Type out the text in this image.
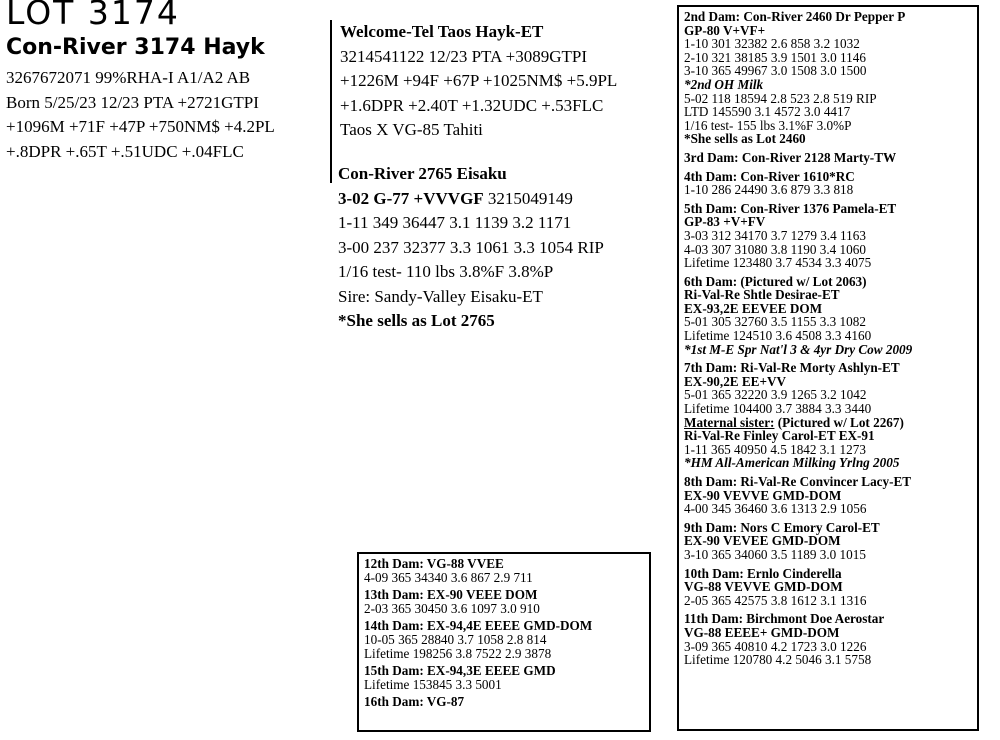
LOT 3174
Con-River 3174 Hayk
3267672071 99%RHA-I A1/A2 AB
Born 5/25/23 12/23 PTA +2721GTPI
+1096M +71F +47P +750NM$ +4.2PL
+.8DPR +.65T +.51UDC +.04FLC
Welcome-Tel Taos Hayk-ET
3214541122 12/23 PTA +3089GTPI
+1226M +94F +67P +1025NM$ +5.9PL
+1.6DPR +2.40T +1.32UDC +.53FLC
Taos X VG-85 Tahiti
Con-River 2765 Eisaku
3-02 G-77 +VVVGF 3215049149
1-11 349 36447 3.1 1139 3.2 1171
3-00 237 32377 3.3 1061 3.3 1054 RIP
1/16 test- 110 lbs 3.8%F 3.8%P
Sire: Sandy-Valley Eisaku-ET
*She sells as Lot 2765
2nd Dam: Con-River 2460 Dr Pepper P
GP-80 V+VF+
1-10 301 32382 2.6 858 3.2 1032
2-10 321 38185 3.9 1501 3.0 1146
3-10 365 49967 3.0 1508 3.0 1500
*2nd OH Milk
5-02 118 18594 2.8 523 2.8 519 RIP
LTD 145590 3.1 4572 3.0 4417
1/16 test- 155 lbs 3.1%F 3.0%P
*She sells as Lot 2460
3rd Dam: Con-River 2128 Marty-TW
4th Dam: Con-River 1610*RC
1-10 286 24490 3.6 879 3.3 818
5th Dam: Con-River 1376 Pamela-ET
GP-83 +V+FV
3-03 312 34170 3.7 1279 3.4 1163
4-03 307 31080 3.8 1190 3.4 1060
Lifetime 123480 3.7 4534 3.3 4075
6th Dam: (Pictured w/ Lot 2063)
Ri-Val-Re Shtle Desirae-ET
EX-93,2E EEVEE DOM
5-01 305 32760 3.5 1155 3.3 1082
Lifetime 124510 3.6 4508 3.3 4160
*1st M-E Spr Nat'l 3 & 4yr Dry Cow 2009
7th Dam: Ri-Val-Re Morty Ashlyn-ET
EX-90,2E EE+VV
5-01 365 32220 3.9 1265 3.2 1042
Lifetime 104400 3.7 3884 3.3 3440
Maternal sister: (Pictured w/ Lot 2267)
Ri-Val-Re Finley Carol-ET EX-91
1-11 365 40950 4.5 1842 3.1 1273
*HM All-American Milking Yrlng 2005
8th Dam: Ri-Val-Re Convincer Lacy-ET
EX-90 VEVVE GMD-DOM
4-00 345 36460 3.6 1313 2.9 1056
9th Dam: Nors C Emory Carol-ET
EX-90 VEVEE GMD-DOM
3-10 365 34060 3.5 1189 3.0 1015
10th Dam: Ernlo Cinderella
VG-88 VEVVE GMD-DOM
2-05 365 42575 3.8 1612 3.1 1316
11th Dam: Birchmont Doe Aerostar
VG-88 EEEE+ GMD-DOM
3-09 365 40810 4.2 1723 3.0 1226
Lifetime 120780 4.2 5046 3.1 5758
12th Dam: VG-88 VVEE
4-09 365 34340 3.6 867 2.9 711
13th Dam: EX-90 VEEE DOM
2-03 365 30450 3.6 1097 3.0 910
14th Dam: EX-94,4E EEEE GMD-DOM
10-05 365 28840 3.7 1058 2.8 814
Lifetime 198256 3.8 7522 2.9 3878
15th Dam: EX-94,3E EEEE GMD
Lifetime 153845 3.3 5001
16th Dam: VG-87
